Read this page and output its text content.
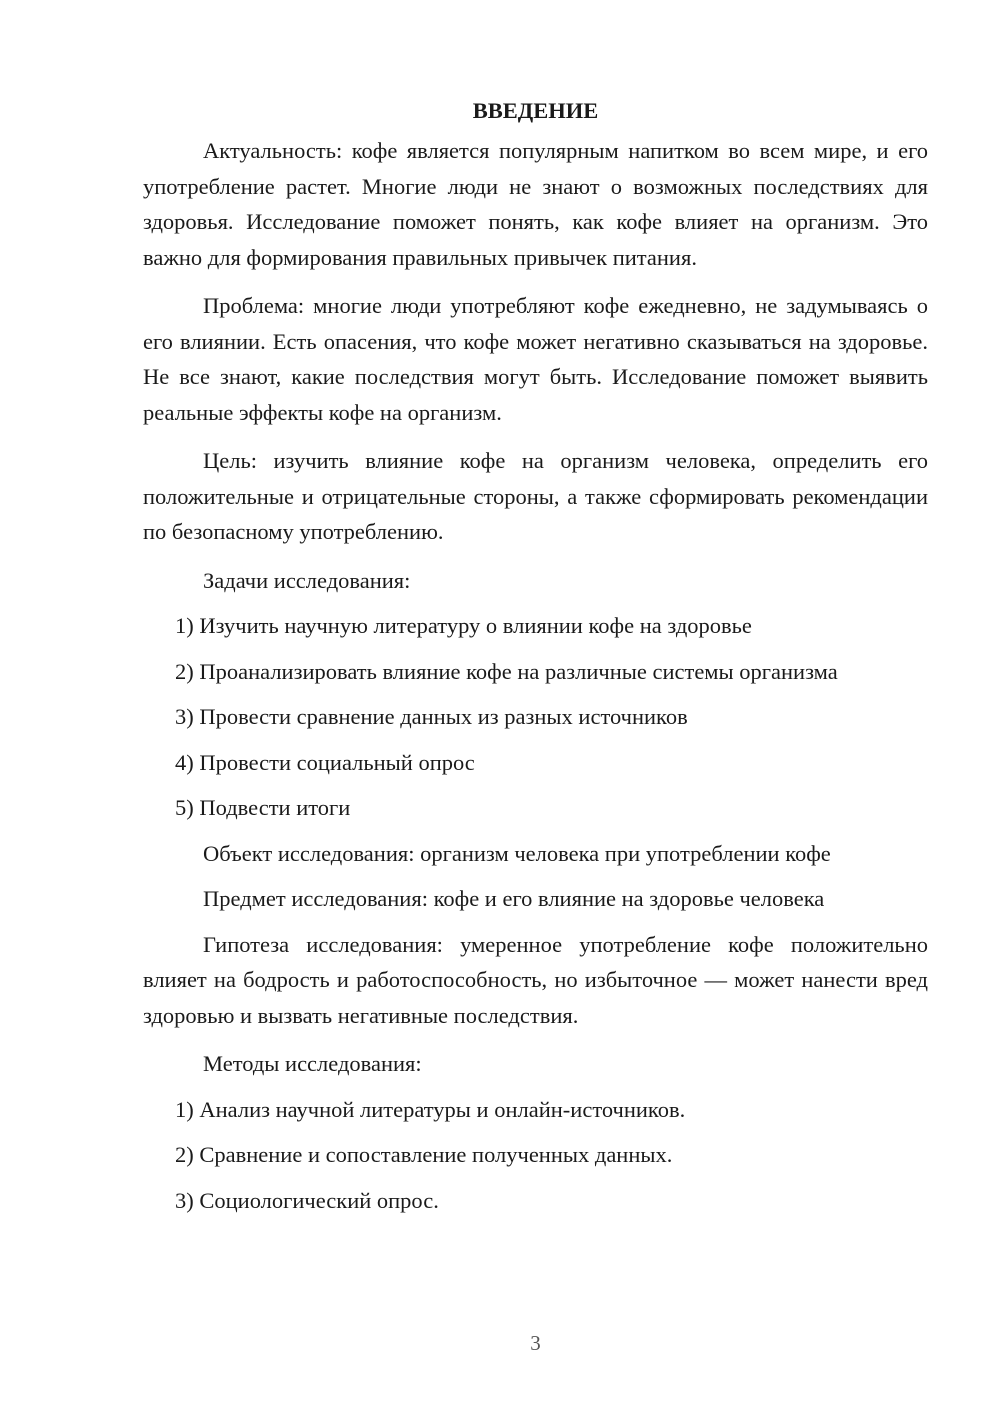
ВВЕДЕНИЕ

Актуальность: кофе является популярным напитком во всем мире, и его употребление растет. Многие люди не знают о возможных последствиях для здоровья. Исследование поможет понять, как кофе влияет на организм. Это важно для формирования правильных привычек питания.

Проблема: многие люди употребляют кофе ежедневно, не задумываясь о его влиянии. Есть опасения, что кофе может негативно сказываться на здоровье. Не все знают, какие последствия могут быть. Исследование поможет выявить реальные эффекты кофе на организм.

Цель: изучить влияние кофе на организм человека, определить его положительные и отрицательные стороны, а также сформировать рекомендации по безопасному употреблению.

Задачи исследования:
1) Изучить научную литературу о влиянии кофе на здоровье
2) Проанализировать влияние кофе на различные системы организма
3) Провести сравнение данных из разных источников
4) Провести социальный опрос
5) Подвести итоги
Объект исследования: организм человека при употреблении кофе
Предмет исследования: кофе и его влияние на здоровье человека

Гипотеза исследования: умеренное употребление кофе положительно влияет на бодрость и работоспособность, но избыточное — может нанести вред здоровью и вызвать негативные последствия.

Методы исследования:
1) Анализ научной литературы и онлайн-источников.
2) Сравнение и сопоставление полученных данных.
3) Социологический опрос.
3
